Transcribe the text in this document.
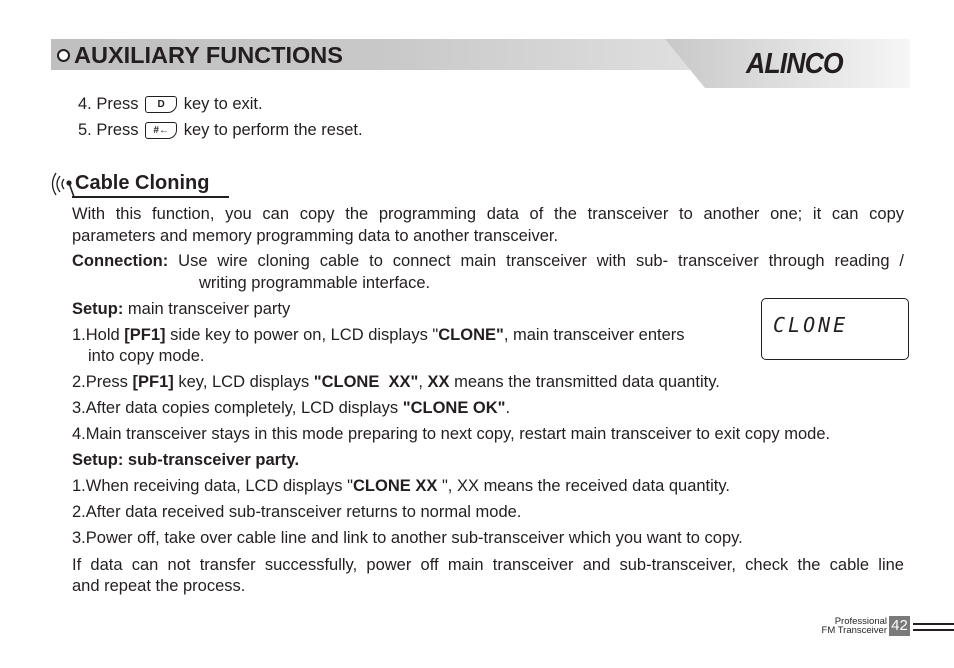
AUXILIARY FUNCTIONS	ALINCO
4. Press D key to exit.
5. Press #← key to perform the reset.
Cable Cloning
With this function, you can copy the programming data of the transceiver to another one; it can copy
parameters and memory programming data to another transceiver.
Connection: Use wire cloning cable to connect main transceiver with sub- transceiver through reading /
writing programmable interface.
Setup: main transceiver party
1.Hold [PF1] side key to power on, LCD displays "CLONE", main transceiver enters
into copy mode.
CLONE
2.Press [PF1] key, LCD displays "CLONE  XX", XX means the transmitted data quantity.
3.After data copies completely, LCD displays "CLONE OK".
4.Main transceiver stays in this mode preparing to next copy, restart main transceiver to exit copy mode.
Setup: sub-transceiver party.
1.When receiving data, LCD displays "CLONE XX ", XX means the received data quantity.
2.After data received sub-transceiver returns to normal mode.
3.Power off, take over cable line and link to another sub-transceiver which you want to copy.
If data can not transfer successfully, power off main transceiver and sub-transceiver, check the cable line
and repeat the process.
Professional
FM Transceiver 42
